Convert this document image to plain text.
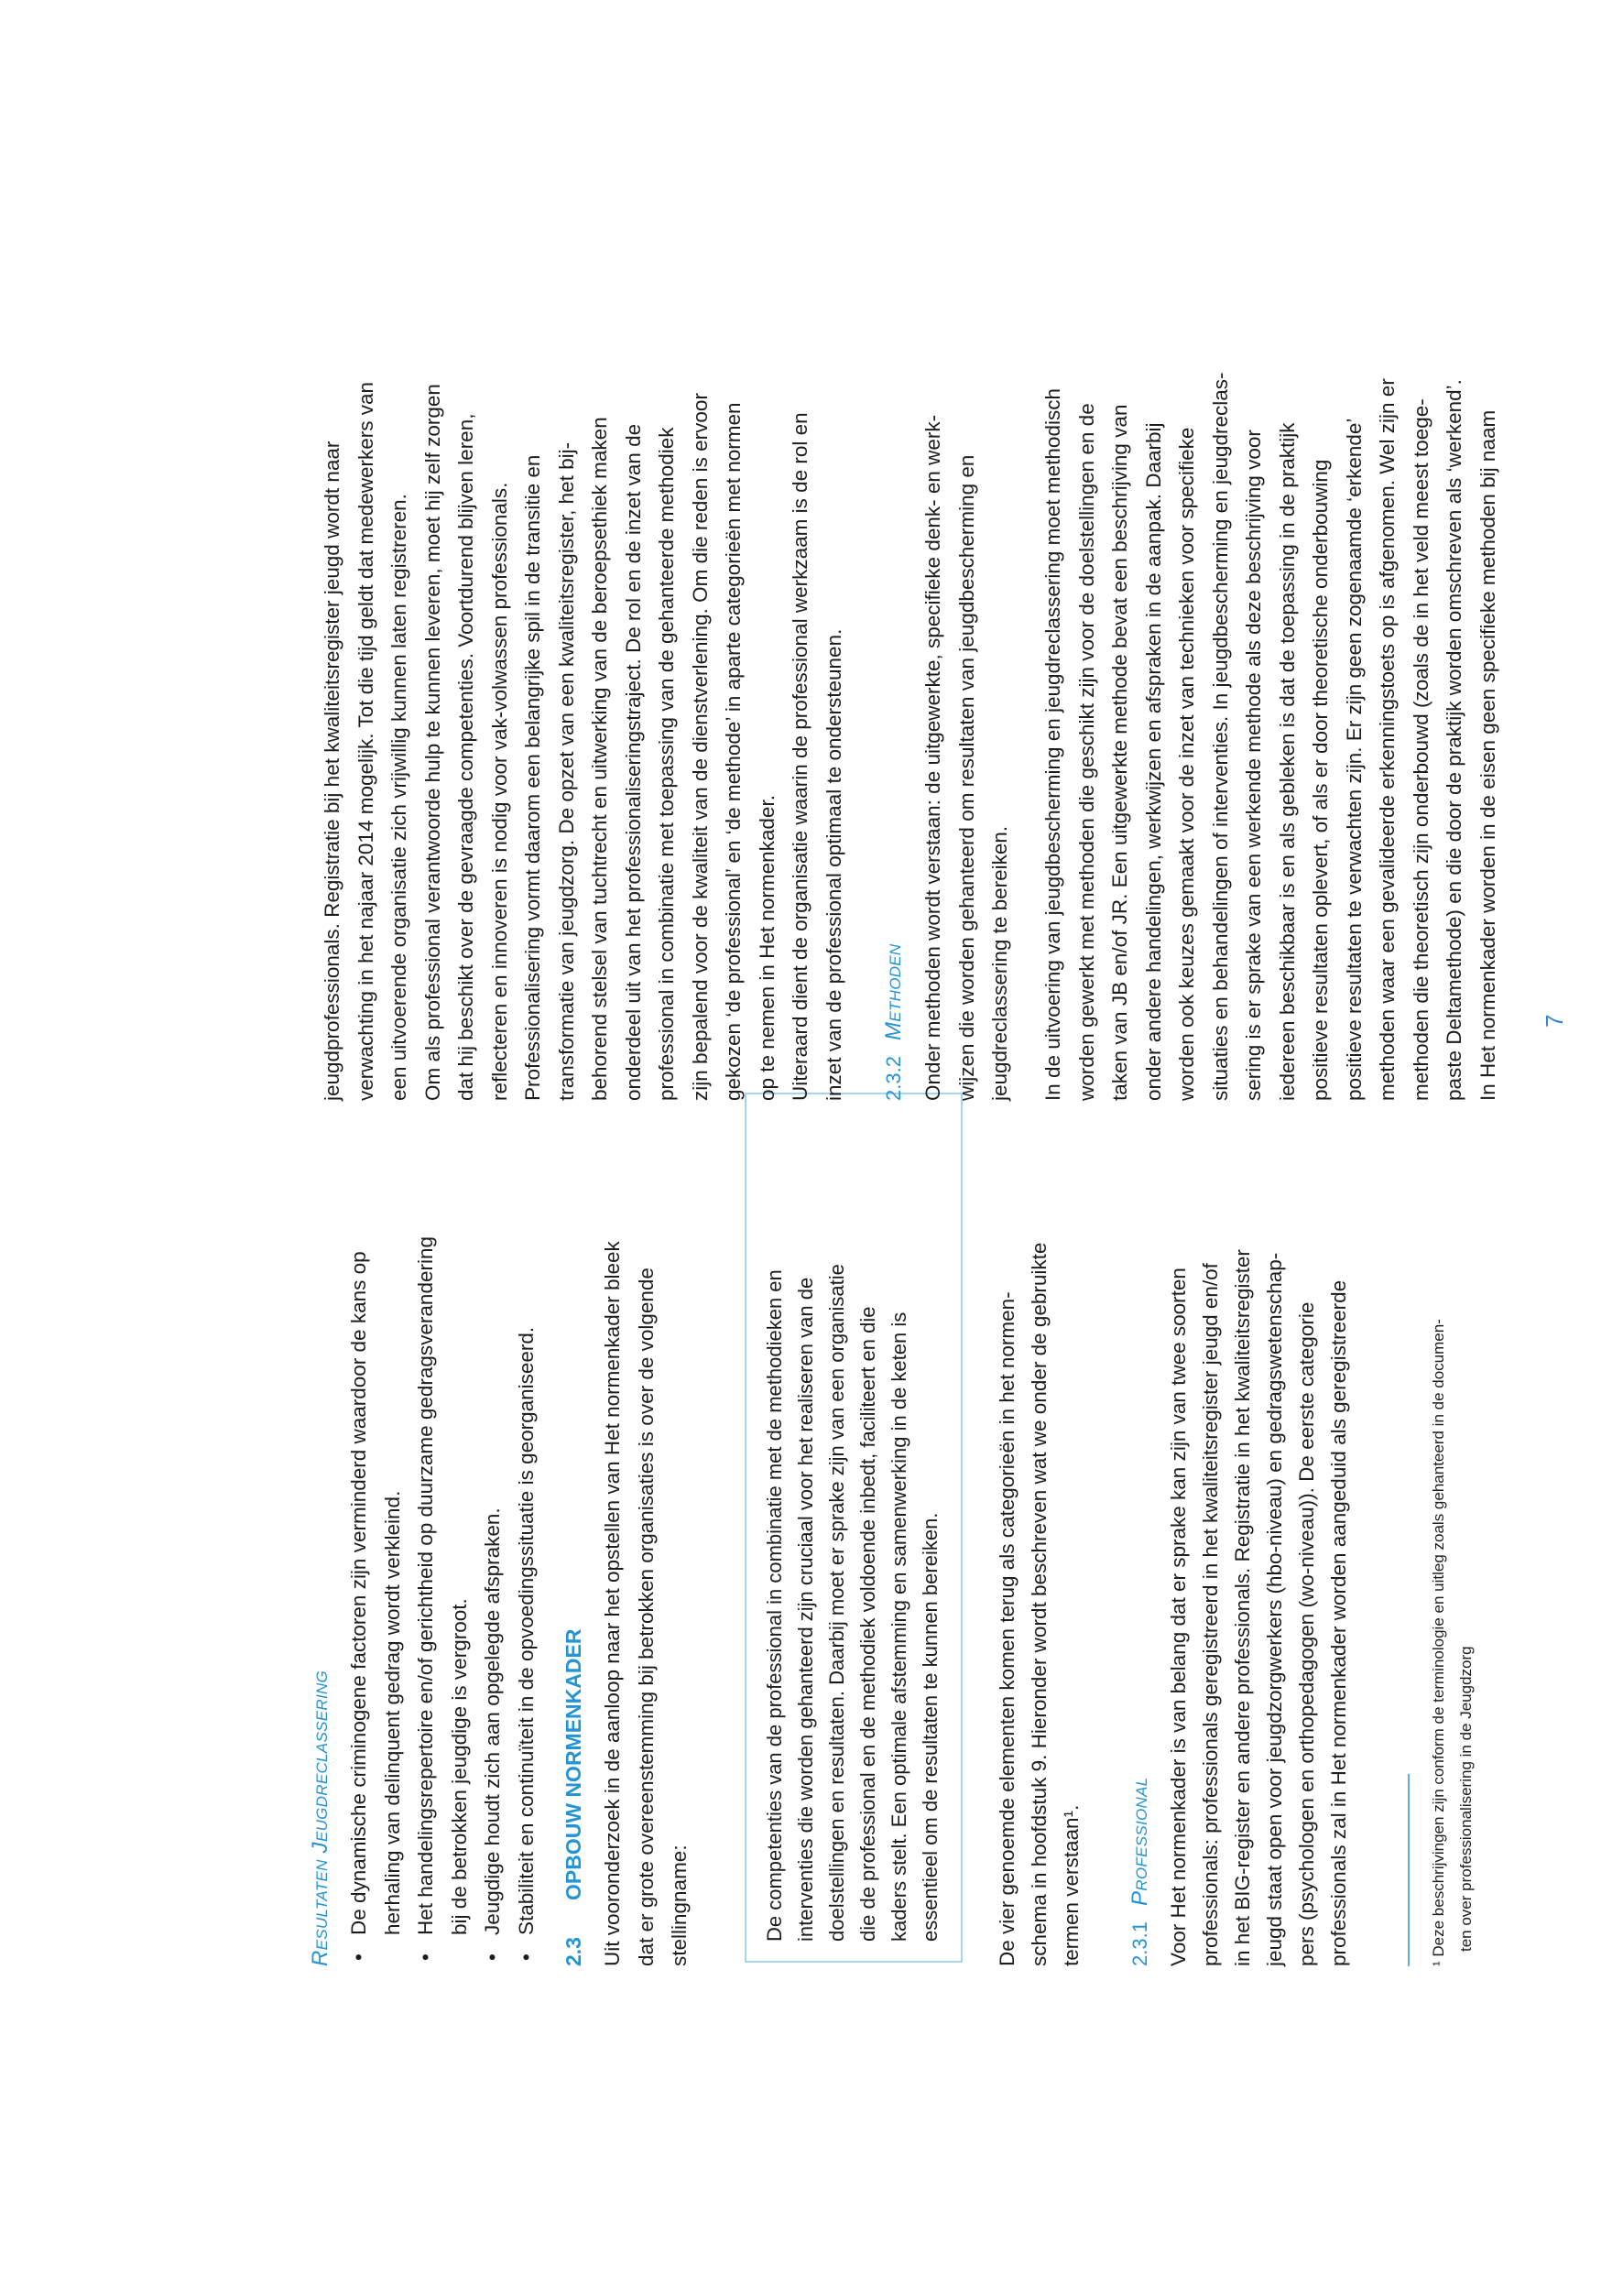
Resultaten Jeugdreclassering •
De dynamische criminogene factoren zijn verminderd waardoor de kans op herhaling van delinquent gedrag wordt verkleind.
•
Het handelingsrepertoire en/of gerichtheid op duurzame gedragsverandering bij de betrokken jeugdige is vergroot.
•
Jeugdige houdt zich aan opgelegde afspraken.
•
Stabiliteit en continuïteit in de opvoedingssituatie is georganiseerd.
2.3OPBOUW NORMENKADER Uit vooronderzoek in de aanloop naar het opstellen van Het normenkader bleek dat er grote overeenstemming bij betrokken organisaties is over de volgende stellingname:	De competenties van de professional in combinatie met de methodieken en interventies die worden gehanteerd zijn cruciaal voor het realiseren van de doelstellingen en resultaten. Daarbij moet er sprake zijn van een organisatie die de professional en de methodiek voldoende inbedt, faciliteert en die kaders stelt. Een optimale afstemming en samenwerking in de keten is essentieel om de resultaten te kunnen bereiken.	De vier genoemde elementen komen terug als categorieën in het normen- schema in hoofdstuk 9. Hieronder wordt beschreven wat we onder de gebruikte termen verstaan¹. 2.3.1Professional Voor Het normenkader is van belang dat er sprake kan zijn van twee soorten professionals: professionals geregistreerd in het kwaliteitsregister jeugd en/of in het BIG-register en andere professionals. Registratie in het kwaliteitsregister jeugd staat open voor jeugdzorgwerkers (hbo-niveau) en gedragswetenschap- pers (psychologen en orthopedagogen (wo-niveau)). De eerste categorie professionals zal in Het normenkader worden aangeduid als geregistreerde	¹ Deze beschrijvingen zijn conform de terminologie en uitleg zoals gehanteerd in de documen- ten over professionalisering in de Jeugdzorg
jeugdprofessionals. Registratie bij het kwaliteitsregister jeugd wordt naar verwachting in het najaar 2014 mogelijk. Tot die tijd geldt dat medewerkers van een uitvoerende organisatie zich vrijwillig kunnen laten registreren. Om als professional verantwoorde hulp te kunnen leveren, moet hij zelf zorgen dat hij beschikt over de gevraagde competenties. Voortdurend blijven leren, reflecteren en innoveren is nodig voor vak-volwassen professionals. Professionalisering vormt daarom een belangrijke spil in de transitie en transformatie van jeugdzorg. De opzet van een kwaliteitsregister, het bij- behorend stelsel van tuchtrecht en uitwerking van de beroepsethiek maken onderdeel uit van het professionaliseringstraject. De rol en de inzet van de professional in combinatie met toepassing van de gehanteerde methodiek zijn bepalend voor de kwaliteit van de dienstverlening. Om die reden is ervoor gekozen ‘de professional’ en ‘de methode’ in aparte categorieën met normen op te nemen in Het normenkader. Uiteraard dient de organisatie waarin de professional werkzaam is de rol en inzet van de professional optimaal te ondersteunen. 2.3.2Methoden Onder methoden wordt verstaan: de uitgewerkte, specifieke denk- en werk- wijzen die worden gehanteerd om resultaten van jeugdbescherming en jeugdreclassering te bereiken. In de uitvoering van jeugdbescherming en jeugdreclassering moet methodisch worden gewerkt met methoden die geschikt zijn voor de doelstellingen en de taken van JB en/of JR. Een uitgewerkte methode bevat een beschrijving van onder andere handelingen, werkwijzen en afspraken in de aanpak. Daarbij worden ook keuzes gemaakt voor de inzet van technieken voor specifieke situaties en behandelingen of interventies. In jeugdbescherming en jeugdreclas- sering is er sprake van een werkende methode als deze beschrijving voor iedereen beschikbaar is en als gebleken is dat de toepassing in de praktijk positieve resultaten oplevert, of als er door theoretische onderbouwing positieve resultaten te verwachten zijn. Er zijn geen zogenaamde ‘erkende’ methoden waar een gevalideerde erkenningstoets op is afgenomen. Wel zijn er methoden die theoretisch zijn onderbouwd (zoals de in het veld meest toege- paste Deltamethode) en die door de praktijk worden omschreven als ‘werkend’. In Het normenkader worden in de eisen geen specifieke methoden bij naam 7
